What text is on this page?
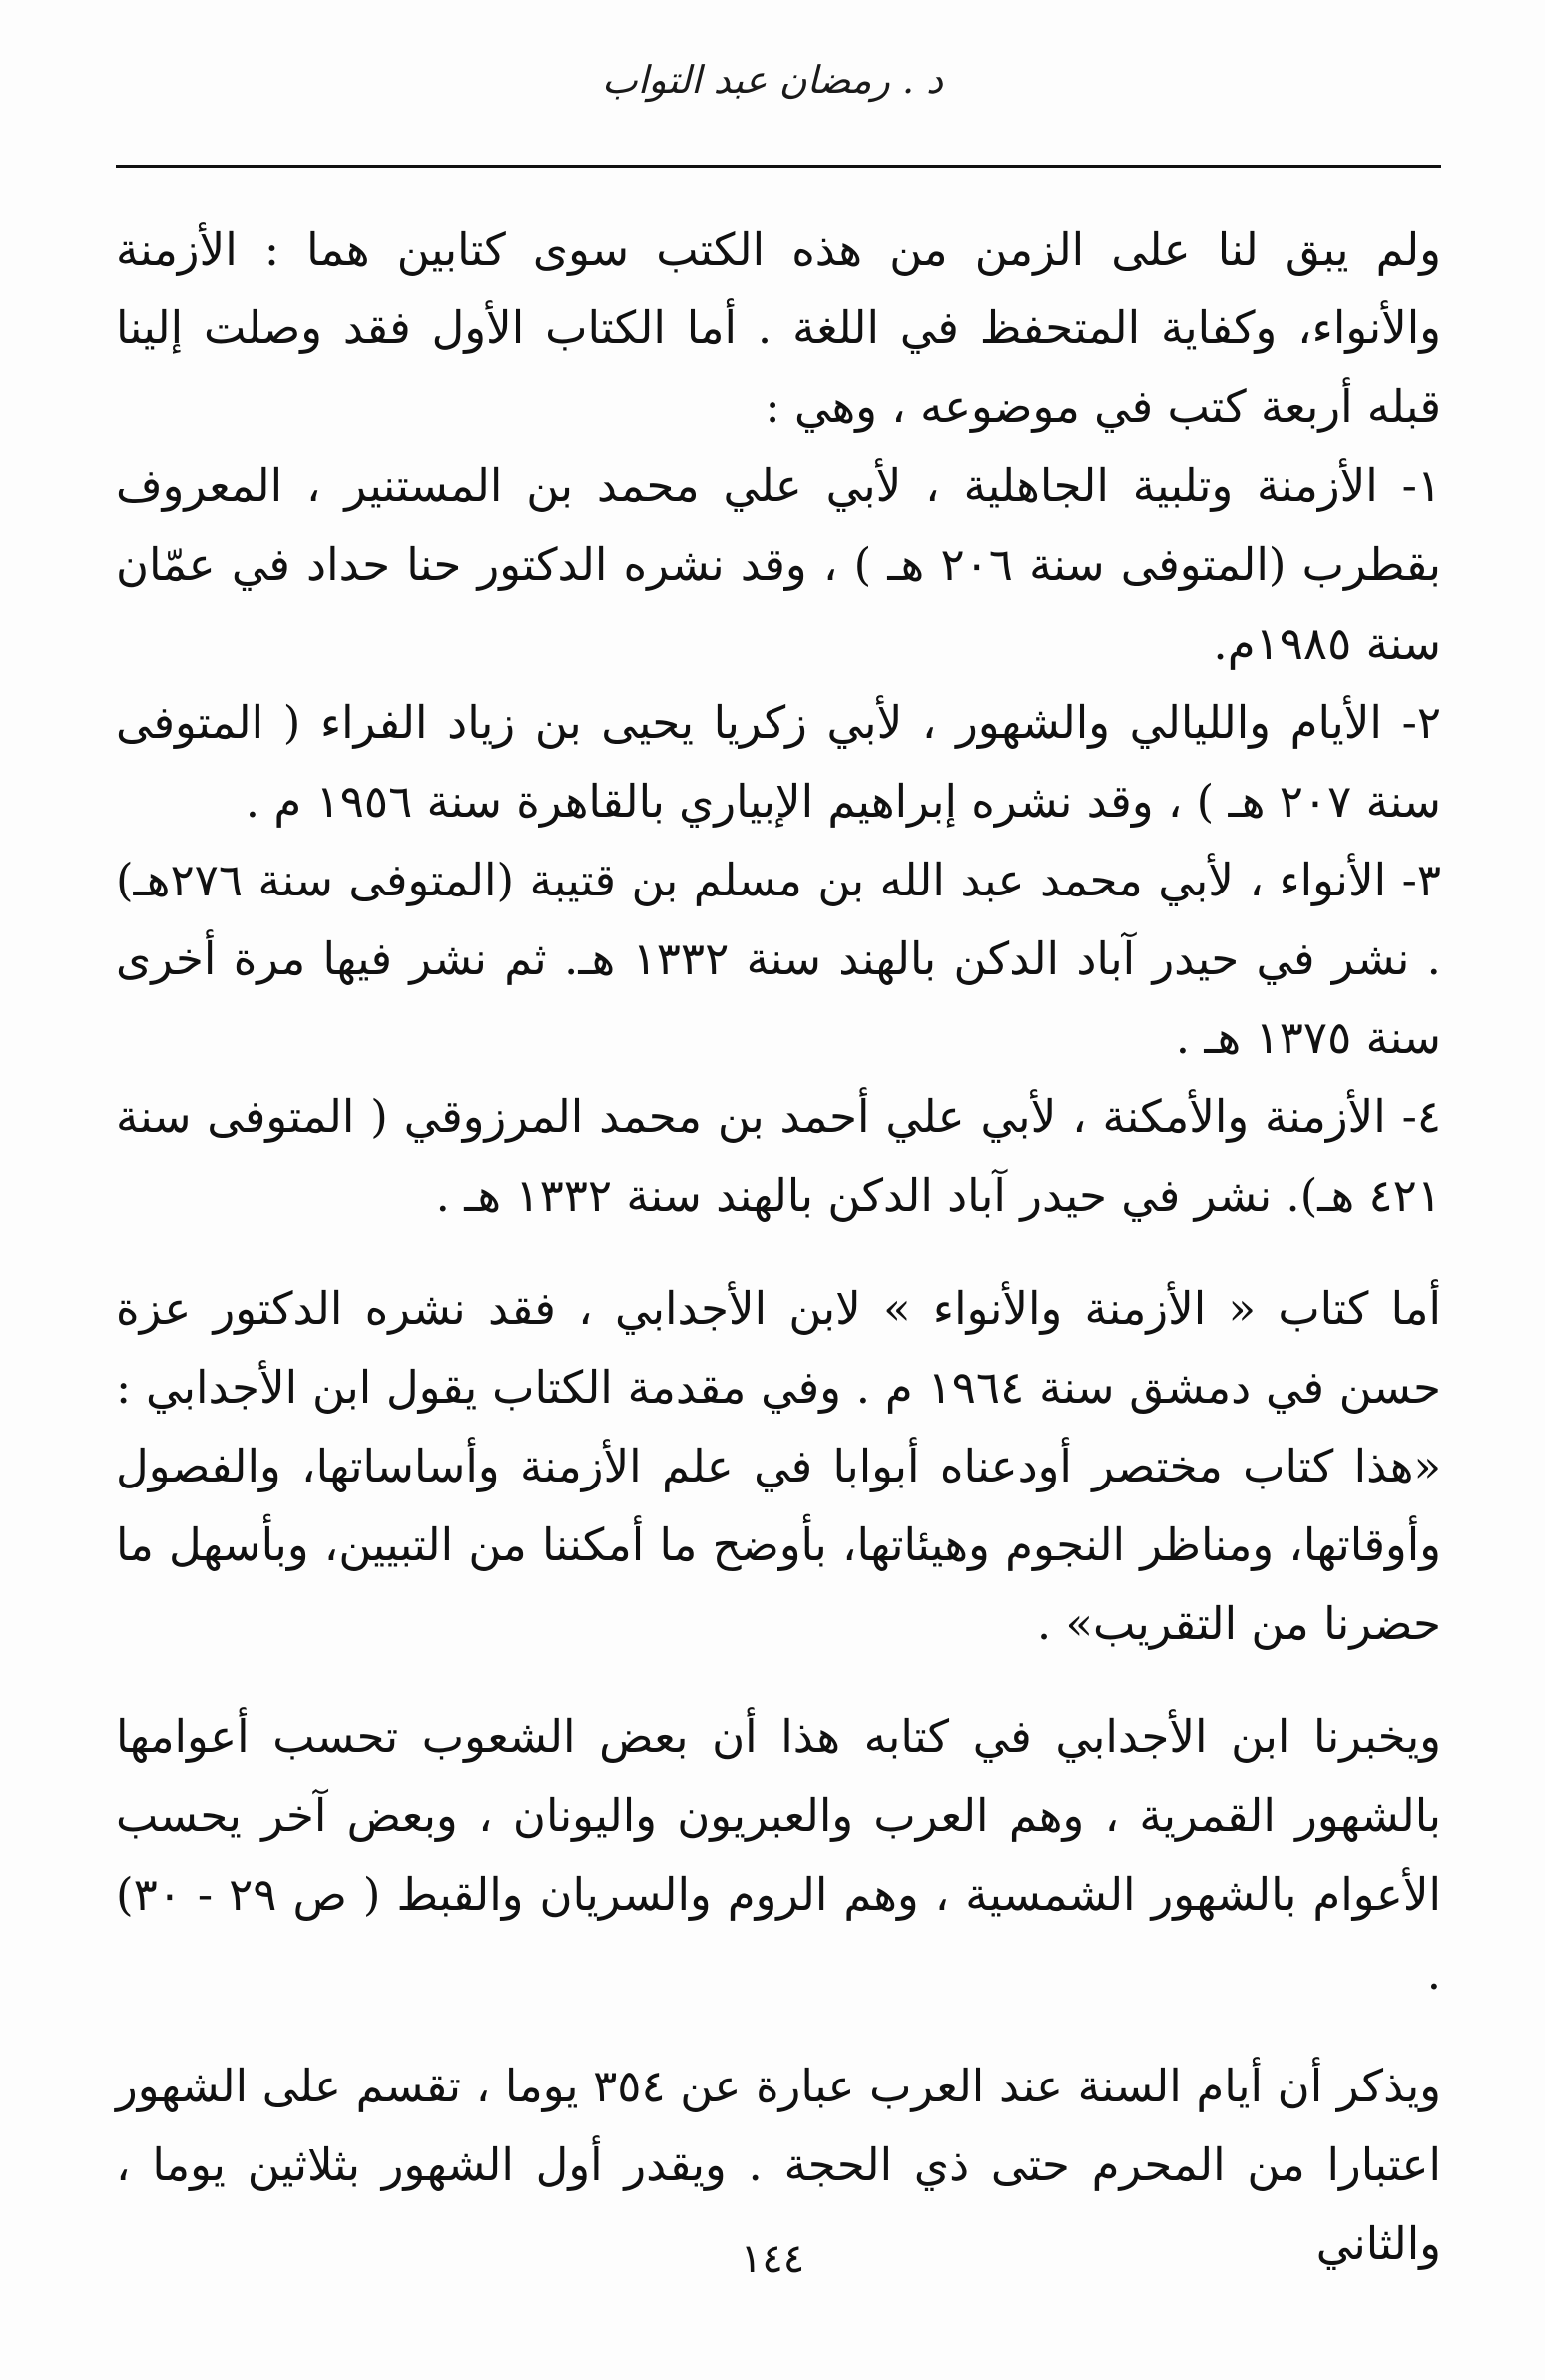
د . رمضان عبد التواب

ولم يبق لنا على الزمن من هذه الكتب سوى كتابين هما : الأزمنة والأنواء، وكفاية المتحفظ في اللغة . أما الكتاب الأول فقد وصلت إلينا قبله أربعة كتب في موضوعه ، وهي :

١- الأزمنة وتلبية الجاهلية ، لأبي علي محمد بن المستنير ، المعروف بقطرب (المتوفى سنة ٢٠٦ هـ ) ، وقد نشره الدكتور حنا حداد في عمّان سنة ١٩٨٥م.
٢- الأيام والليالي والشهور ، لأبي زكريا يحيى بن زياد الفراء ( المتوفى سنة ٢٠٧ هـ ) ، وقد نشره إبراهيم الإبياري بالقاهرة سنة ١٩٥٦ م .
٣- الأنواء ، لأبي محمد عبد الله بن مسلم بن قتيبة (المتوفى سنة ٢٧٦هـ) . نشر في حيدر آباد الدكن بالهند سنة ١٣٣٢ هـ. ثم نشر فيها مرة أخرى سنة ١٣٧٥ هـ .
٤- الأزمنة والأمكنة ، لأبي علي أحمد بن محمد المرزوقي ( المتوفى سنة ٤٢١ هـ). نشر في حيدر آباد الدكن بالهند سنة ١٣٣٢ هـ .

أما كتاب « الأزمنة والأنواء » لابن الأجدابي ، فقد نشره الدكتور عزة حسن في دمشق سنة ١٩٦٤ م . وفي مقدمة الكتاب يقول ابن الأجدابي : «هذا كتاب مختصر أودعناه أبوابا في علم الأزمنة وأساساتها، والفصول وأوقاتها، ومناظر النجوم وهيئاتها، بأوضح ما أمكننا من التبيين، وبأسهل ما حضرنا من التقريب» .

ويخبرنا ابن الأجدابي في كتابه هذا أن بعض الشعوب تحسب أعوامها بالشهور القمرية ، وهم العرب والعبريون واليونان ، وبعض آخر يحسب الأعوام بالشهور الشمسية ، وهم الروم والسريان والقبط ( ص ٢٩ - ٣٠) .

ويذكر أن أيام السنة عند العرب عبارة عن ٣٥٤ يوما ، تقسم على الشهور اعتبارا من المحرم حتى ذي الحجة . ويقدر أول الشهور بثلاثين يوما ، والثاني

١٤٤
